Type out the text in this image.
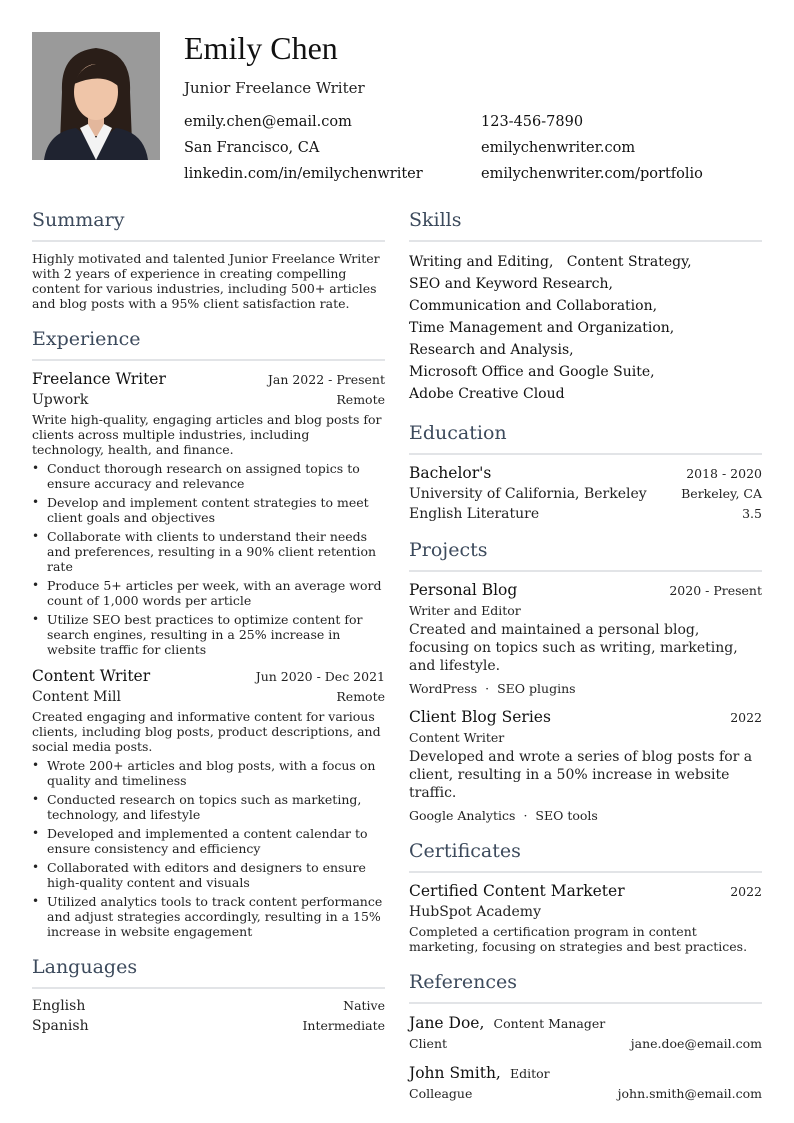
Emily Chen
Junior Freelance Writer
emily.chen@email.com	123-456-7890
San Francisco, CA	emilychenwriter.com
linkedin.com/in/emilychenwriter	emilychenwriter.com/portfolio
Summary
Highly motivated and talented Junior Freelance Writer with 2 years of experience in creating compelling content for various industries, including 500+ articles and blog posts with a 95% client satisfaction rate.
Experience
Freelance Writer	Jan 2022 - Present
Upwork	Remote
Write high-quality, engaging articles and blog posts for clients across multiple industries, including technology, health, and finance.
• Conduct thorough research on assigned topics to ensure accuracy and relevance
• Develop and implement content strategies to meet client goals and objectives
• Collaborate with clients to understand their needs and preferences, resulting in a 90% client retention rate
• Produce 5+ articles per week, with an average word count of 1,000 words per article
• Utilize SEO best practices to optimize content for search engines, resulting in a 25% increase in website traffic for clients
Content Writer	Jun 2020 - Dec 2021
Content Mill	Remote
Created engaging and informative content for various clients, including blog posts, product descriptions, and social media posts.
• Wrote 200+ articles and blog posts, with a focus on quality and timeliness
• Conducted research on topics such as marketing, technology, and lifestyle
• Developed and implemented a content calendar to ensure consistency and efficiency
• Collaborated with editors and designers to ensure high-quality content and visuals
• Utilized analytics tools to track content performance and adjust strategies accordingly, resulting in a 15% increase in website engagement
Languages
English	Native
Spanish	Intermediate
Skills
Writing and Editing,   Content Strategy,
SEO and Keyword Research,
Communication and Collaboration,
Time Management and Organization,
Research and Analysis,
Microsoft Office and Google Suite,
Adobe Creative Cloud
Education
Bachelor's	2018 - 2020
University of California, Berkeley	Berkeley, CA
English Literature	3.5
Projects
Personal Blog	2020 - Present
Writer and Editor
Created and maintained a personal blog, focusing on topics such as writing, marketing, and lifestyle.
WordPress · SEO plugins
Client Blog Series	2022
Content Writer
Developed and wrote a series of blog posts for a client, resulting in a 50% increase in website traffic.
Google Analytics · SEO tools
Certificates
Certified Content Marketer	2022
HubSpot Academy
Completed a certification program in content marketing, focusing on strategies and best practices.
References
Jane Doe, Content Manager
Client	jane.doe@email.com
John Smith, Editor
Colleague	john.smith@email.com
